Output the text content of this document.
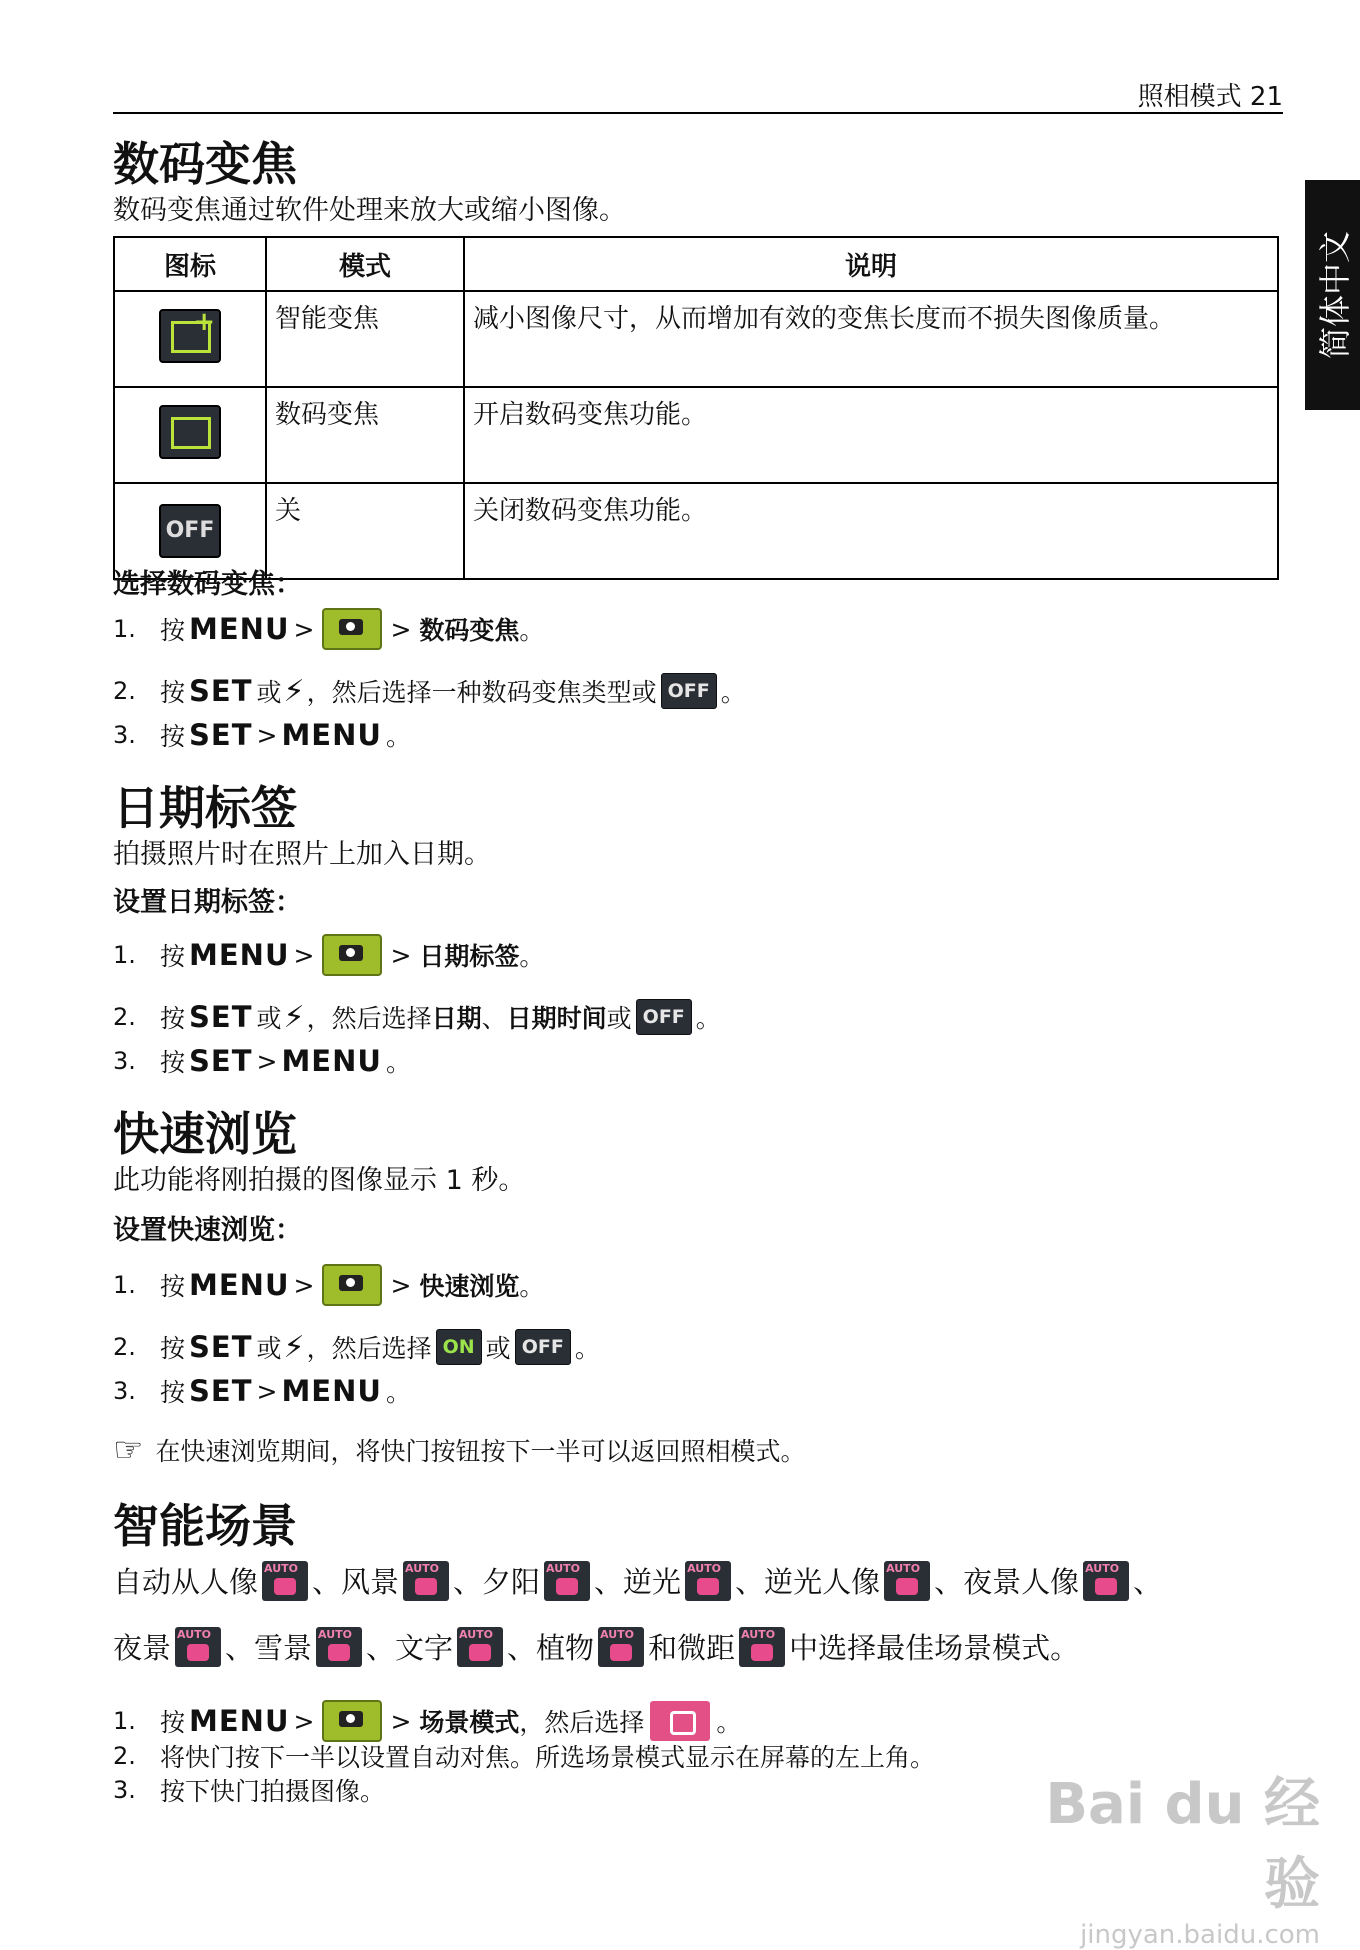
照相模式 21
简体中文
数码变焦
数码变焦通过软件处理来放大或缩小图像。
图标	模式	说明

+	智能变焦	减小图像尺寸，从而增加有效的变焦长度而不损失图像质量。
	数码变焦	开启数码变焦功能。
OFF	关	关闭数码变焦功能。
选择数码变焦：
1. 按 MENU >	>
数码变焦 。
2. 按 SET 或 ⚡ ，然后选择一种数码变焦类型或 OFF 。
3. 按 SET > MENU 。
日期标签
拍摄照片时在照片上加入日期。
设置日期标签：
1. 按 MENU >	>
日期标签 。
2. 按 SET 或 ⚡ ，然后选择 日期 、 日期时间 或 OFF 。
3. 按 SET > MENU 。
快速浏览
此功能将刚拍摄的图像显示 1 秒。
设置快速浏览：
1. 按 MENU >	>
快速浏览 。
2. 按 SET 或 ⚡ ，然后选择 ON 或 OFF 。
3. 按 SET > MENU 。
☞ 在快速浏览期间，将快门按钮按下一半可以返回照相模式。
智能场景
自动从人像 AUTO 、风景 AUTO 、夕阳 AUTO 、逆光 AUTO 、逆光人像 AUTO 、夜景人像 AUTO 、
夜景 AUTO 、雪景 AUTO 、文字 AUTO 、植物 AUTO 和微距 AUTO 中选择最佳场景模式。
1. 按 MENU >	>
场景模式 ，然后选择	。
2. 将快门按下一半以设置自动对焦。所选场景模式显示在屏幕的左上角。
3. 按下快门拍摄图像。	Bai du 经验
jingyan.baidu.com
